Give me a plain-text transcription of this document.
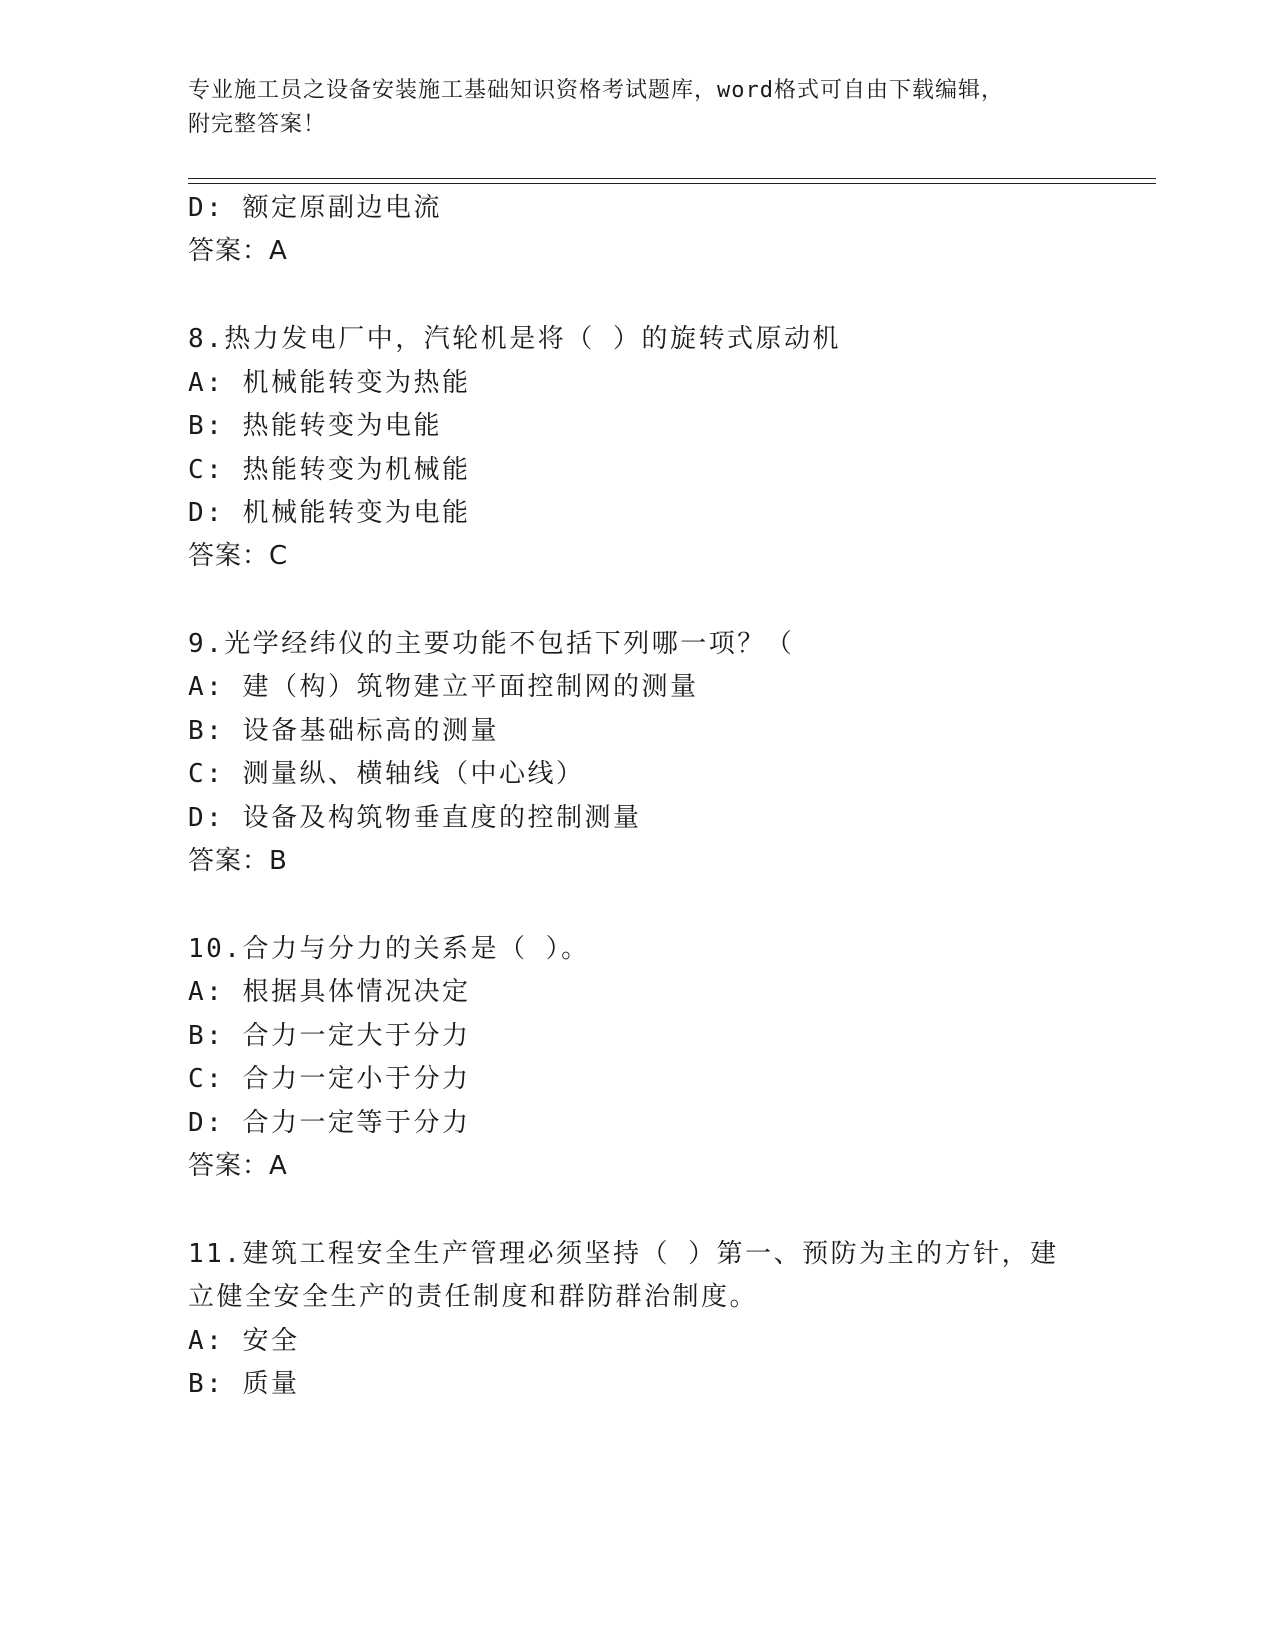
专业施工员之设备安装施工基础知识资格考试题库，word格式可自由下载编辑，
附完整答案！
D: 额定原副边电流
答案：A
8.热力发电厂中，汽轮机是将（ ）的旋转式原动机
A: 机械能转变为热能
B: 热能转变为电能
C: 热能转变为机械能
D: 机械能转变为电能
答案：C
9.光学经纬仪的主要功能不包括下列哪一项？（
A: 建（构）筑物建立平面控制网的测量
B: 设备基础标高的测量
C: 测量纵、横轴线（中心线）
D: 设备及构筑物垂直度的控制测量
答案：B
10.合力与分力的关系是（ ）。
A: 根据具体情况决定
B: 合力一定大于分力
C: 合力一定小于分力
D: 合力一定等于分力
答案：A
11.建筑工程安全生产管理必须坚持（ ）第一、预防为主的方针，建
立健全安全生产的责任制度和群防群治制度。
A: 安全
B: 质量
